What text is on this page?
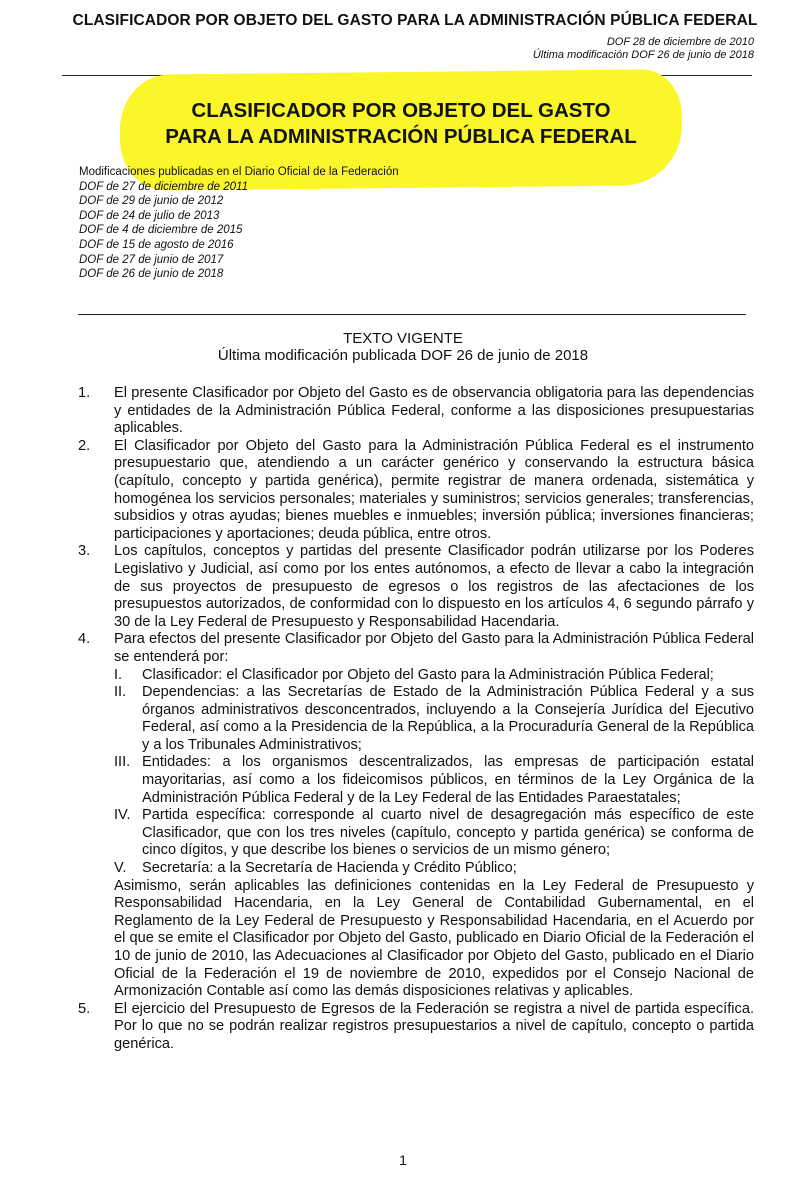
CLASIFICADOR POR OBJETO DEL GASTO PARA LA ADMINISTRACIÓN PÚBLICA FEDERAL
DOF 28 de diciembre de 2010
Última modificación DOF 26 de junio de 2018
CLASIFICADOR POR OBJETO DEL GASTO
PARA LA ADMINISTRACIÓN PÚBLICA FEDERAL
Modificaciones publicadas en el Diario Oficial de la Federación
DOF de 27 de diciembre de 2011
DOF de 29 de junio de 2012
DOF de 24 de julio de 2013
DOF de 4 de diciembre de 2015
DOF de 15 de agosto de 2016
DOF de 27 de junio de 2017
DOF de 26 de junio de 2018
TEXTO VIGENTE
Última modificación publicada DOF 26 de junio de 2018
1.	El presente Clasificador por Objeto del Gasto es de observancia obligatoria para las dependencias y entidades de la Administración Pública Federal, conforme a las disposiciones presupuestarias aplicables.
2.	El Clasificador por Objeto del Gasto para la Administración Pública Federal es el instrumento presupuestario que, atendiendo a un carácter genérico y conservando la estructura básica (capítulo, concepto y partida genérica), permite registrar de manera ordenada, sistemática y homogénea los servicios personales; materiales y suministros; servicios generales; transferencias, subsidios y otras ayudas; bienes muebles e inmuebles; inversión pública; inversiones financieras; participaciones y aportaciones; deuda pública, entre otros.
3.	Los capítulos, conceptos y partidas del presente Clasificador podrán utilizarse por los Poderes Legislativo y Judicial, así como por los entes autónomos, a efecto de llevar a cabo la integración de sus proyectos de presupuesto de egresos o los registros de las afectaciones de los presupuestos autorizados, de conformidad con lo dispuesto en los artículos 4, 6 segundo párrafo y 30 de la Ley Federal de Presupuesto y Responsabilidad Hacendaria.
4.	Para efectos del presente Clasificador por Objeto del Gasto para la Administración Pública Federal se entenderá por:
I.	Clasificador: el Clasificador por Objeto del Gasto para la Administración Pública Federal;
II.	Dependencias: a las Secretarías de Estado de la Administración Pública Federal y a sus órganos administrativos desconcentrados, incluyendo a la Consejería Jurídica del Ejecutivo Federal, así como a la Presidencia de la República, a la Procuraduría General de la República y a los Tribunales Administrativos;
III. Entidades: a los organismos descentralizados, las empresas de participación estatal mayoritarias, así como a los fideicomisos públicos, en términos de la Ley Orgánica de la Administración Pública Federal y de la Ley Federal de las Entidades Paraestatales;
IV. Partida específica: corresponde al cuarto nivel de desagregación más específico de este Clasificador, que con los tres niveles (capítulo, concepto y partida genérica) se conforma de cinco dígitos, y que describe los bienes o servicios de un mismo género;
V.	Secretaría: a la Secretaría de Hacienda y Crédito Público;
Asimismo, serán aplicables las definiciones contenidas en la Ley Federal de Presupuesto y Responsabilidad Hacendaria, en la Ley General de Contabilidad Gubernamental, en el Reglamento de la Ley Federal de Presupuesto y Responsabilidad Hacendaria, en el Acuerdo por el que se emite el Clasificador por Objeto del Gasto, publicado en Diario Oficial de la Federación el 10 de junio de 2010, las Adecuaciones al Clasificador por Objeto del Gasto, publicado en el Diario Oficial de la Federación el 19 de noviembre de 2010, expedidos por el Consejo Nacional de Armonización Contable así como las demás disposiciones relativas y aplicables.
5.	El ejercicio del Presupuesto de Egresos de la Federación se registra a nivel de partida específica. Por lo que no se podrán realizar registros presupuestarios a nivel de capítulo, concepto o partida genérica.
1
